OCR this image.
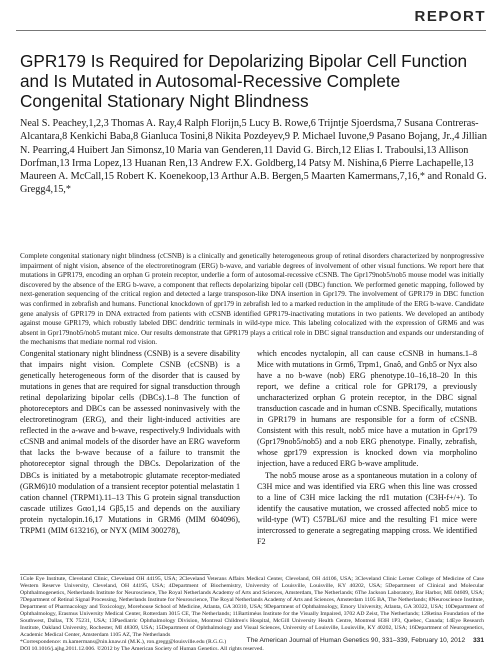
REPORT
GPR179 Is Required for Depolarizing Bipolar Cell Function and Is Mutated in Autosomal-Recessive Complete Congenital Stationary Night Blindness
Neal S. Peachey,1,2,3 Thomas A. Ray,4 Ralph Florijn,5 Lucy B. Rowe,6 Trijntje Sjoerdsma,7 Susana Contreras-Alcantara,8 Kenkichi Baba,8 Gianluca Tosini,8 Nikita Pozdeyev,9 P. Michael Iuvone,9 Pasano Bojang, Jr.,4 Jillian N. Pearring,4 Huibert Jan Simonsz,10 Maria van Genderen,11 David G. Birch,12 Elias I. Traboulsi,13 Allison Dorfman,13 Irma Lopez,13 Huanan Ren,13 Andrew F.X. Goldberg,14 Patsy M. Nishina,6 Pierre Lachapelle,13 Maureen A. McCall,15 Robert K. Koenekoop,13 Arthur A.B. Bergen,5 Maarten Kamermans,7,16,* and Ronald G. Gregg4,15,*
Complete congenital stationary night blindness (cCSNB) is a clinically and genetically heterogeneous group of retinal disorders characterized by nonprogressive impairment of night vision, absence of the electroretinogram (ERG) b-wave, and variable degrees of involvement of other visual functions. We report here that mutations in GPR179, encoding an orphan G protein receptor, underlie a form of autosomal-recessive cCSNB. The Gpr179nob5/nob5 mouse model was initially discovered by the absence of the ERG b-wave, a component that reflects depolarizing bipolar cell (DBC) function. We performed genetic mapping, followed by next-generation sequencing of the critical region and detected a large transposon-like DNA insertion in Gpr179. The involvement of GPR179 in DBC function was confirmed in zebrafish and humans. Functional knockdown of gpr179 in zebrafish led to a marked reduction in the amplitude of the ERG b-wave. Candidate gene analysis of GPR179 in DNA extracted from patients with cCSNB identified GPR179-inactivating mutations in two patients. We developed an antibody against mouse GPR179, which robustly labeled DBC dendritic terminals in wild-type mice. This labeling colocalized with the expression of GRM6 and was absent in Gpr179nob5/nob5 mutant mice. Our results demonstrate that GPR179 plays a critical role in DBC signal transduction and expands our understanding of the mechanisms that mediate normal rod vision.

Congenital stationary night blindness (CSNB) is a severe disability that impairs night vision. Complete CSNB (cCSNB) is a genetically heterogeneous form of the disorder that is caused by mutations in genes that are required for signal transduction through retinal depolarizing bipolar cells (DBCs).1–8 The function of photoreceptors and DBCs can be assessed noninvasively with the electroretinogram (ERG), and their light-induced activities are reflected in the a-wave and b-wave, respectively.9 Individuals with cCSNB and animal models of the disorder have an ERG waveform that lacks the b-wave because of a failure to transmit the photoreceptor signal through the DBCs. Depolarization of the DBCs is initiated by a metabotropic glutamate receptor-mediated (GRM6)10 modulation of a transient receptor potential melastatin 1 cation channel (TRPM1).11–13 This G protein signal transduction cascade utilizes Gαo1,14 Gβ5,15 and depends on the auxiliary protein nyctalopin.16,17 Mutations in GRM6 (MIM 604096), TRPM1 (MIM 613216), or NYX (MIM 300278),

which encodes nyctalopin, all can cause cCSNB in humans.1–8 Mice with mutations in Grm6, Trpm1, Gnaô, and Gnb5 or Nyx also have a no b-wave (nob) ERG phenotype.10–16,18–20 In this report, we define a critical role for GPR179, a previously uncharacterized orphan G protein receptor, in the DBC signal transduction cascade and in human cCSNB. Specifically, mutations in GPR179 in humans are responsible for a form of cCSNB. Consistent with this result, nob5 mice have a mutation in Gpr179 (Gpr179nob5/nob5) and a nob ERG phenotype. Finally, zebrafish, whose gpr179 expression is knocked down via morpholino injection, have a reduced ERG b-wave amplitude.

The nob5 mouse arose as a spontaneous mutation in a colony of C3H mice and was identified via ERG when this line was crossed to a line of C3H mice lacking the rd1 mutation (C3H-f+/+). To identify the causative mutation, we crossed affected nob5 mice to wild-type (WT) C57BL/6J mice and the resulting F1 mice were intercrossed to generate a segregating mapping cross. We identified F2

1Cole Eye Institute, Cleveland Clinic, Cleveland OH 44195, USA; 2Cleveland Veterans Affairs Medical Center, Cleveland, OH 44106, USA; 3Cleveland Clinic Lerner College of Medicine of Case Western Reserve University, Cleveland, OH 44195, USA; 4Department of Biochemistry, University of Louisville, Louisville, KY 40202, USA; 5Department of Clinical and Molecular Ophthalmogenetics, Netherlands Institute for Neuroscience, The Royal Netherlands Academy of Arts and Sciences, Amsterdam, The Netherlands; 6The Jackson Laboratory, Bar Harbor, ME 04609, USA; 7Department of Retinal Signal Processing, Netherlands Institute for Neuroscience, The Royal Netherlands Academy of Arts and Sciences, Amsterdam 1105 BA, The Netherlands; 8Neuroscience Institute, Department of Pharmacology and Toxicology, Morehouse School of Medicine, Atlanta, GA 30310, USA; 9Department of Ophthalmology, Emory University, Atlanta, GA 30322, USA; 10Department of Ophthalmology, Erasmus University Medical Center, Rotterdam 3015 CE, The Netherlands; 11Bartiméus Institute for the Visually Impaired, 3702 AD Zeist, The Netherlands; 12Retina Foundation of the Southwest, Dallas, TX 75231, USA; 13Paediatric Ophthalmology Division, Montreal Children's Hospital, McGill University Health Centre, Montreal H3H 1P3, Quebec, Canada; 14Eye Research Institute, Oakland University, Rochester, MI 48309, USA; 15Department of Ophthalmology and Visual Sciences, University of Louisville, Louisville, KY 40202, USA; 16Department of Neurogenetics, Academic Medical Center, Amsterdam 1105 AZ, The Netherlands

*Correspondence: m.kamermans@nin.knaw.nl (M.K.), ron.gregg@louisville.edu (R.G.G.)

DOI 10.1016/j.ajhg.2011.12.006. ©2012 by The American Society of Human Genetics. All rights reserved.

The American Journal of Human Genetics 90, 331–339, February 10, 2012 331
